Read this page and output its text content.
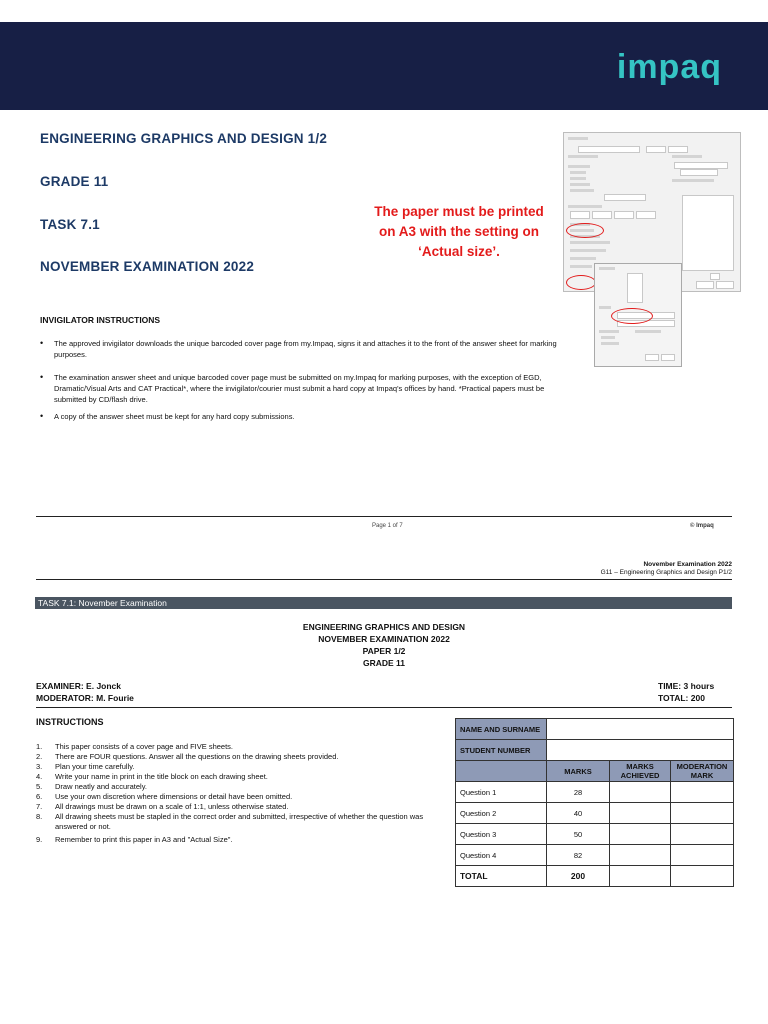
impaq
ENGINEERING GRAPHICS AND DESIGN 1/2
GRADE 11
TASK 7.1
NOVEMBER EXAMINATION 2022
The paper must be printed
on A3 with the setting on
‘Actual size’.
INVIGILATOR INSTRUCTIONS
• The approved invigilator downloads the unique barcoded cover page from my.Impaq, signs it and attaches it to the front of the answer sheet for marking purposes.
• The examination answer sheet and unique barcoded cover page must be submitted on my.Impaq for marking purposes, with the exception of EGD, Dramatic/Visual Arts and CAT Practical*, where the invigilator/courier must submit a hard copy at Impaq's offices by hand. *Practical papers must be submitted by CD/flash drive.
• A copy of the answer sheet must be kept for any hard copy submissions.
Page 1 of 7	© Impaq
November Examination 2022
G11 – Engineering Graphics and Design P1/2
TASK 7.1: November Examination
ENGINEERING GRAPHICS AND DESIGN
NOVEMBER EXAMINATION 2022
PAPER 1/2
GRADE 11
EXAMINER: E. Jonck
MODERATOR: M. Fourie
TIME: 3 hours
TOTAL: 200
INSTRUCTIONS
1. This paper consists of a cover page and FIVE sheets.
2. There are FOUR questions. Answer all the questions on the drawing sheets provided.
3. Plan your time carefully.
4. Write your name in print in the title block on each drawing sheet.
5. Draw neatly and accurately.
6. Use your own discretion where dimensions or detail have been omitted.
7. All drawings must be drawn on a scale of 1:1, unless otherwise stated.
8. All drawing sheets must be stapled in the correct order and submitted, irrespective of whether the question was answered or not.
9. Remember to print this paper in A3 and "Actual Size".
NAME AND SURNAME			
STUDENT NUMBER			
	MARKS	MARKS ACHIEVED	MODERATION MARK
Question 1	28		
Question 2	40		
Question 3	50		
Question 4	82		
TOTAL	200		
